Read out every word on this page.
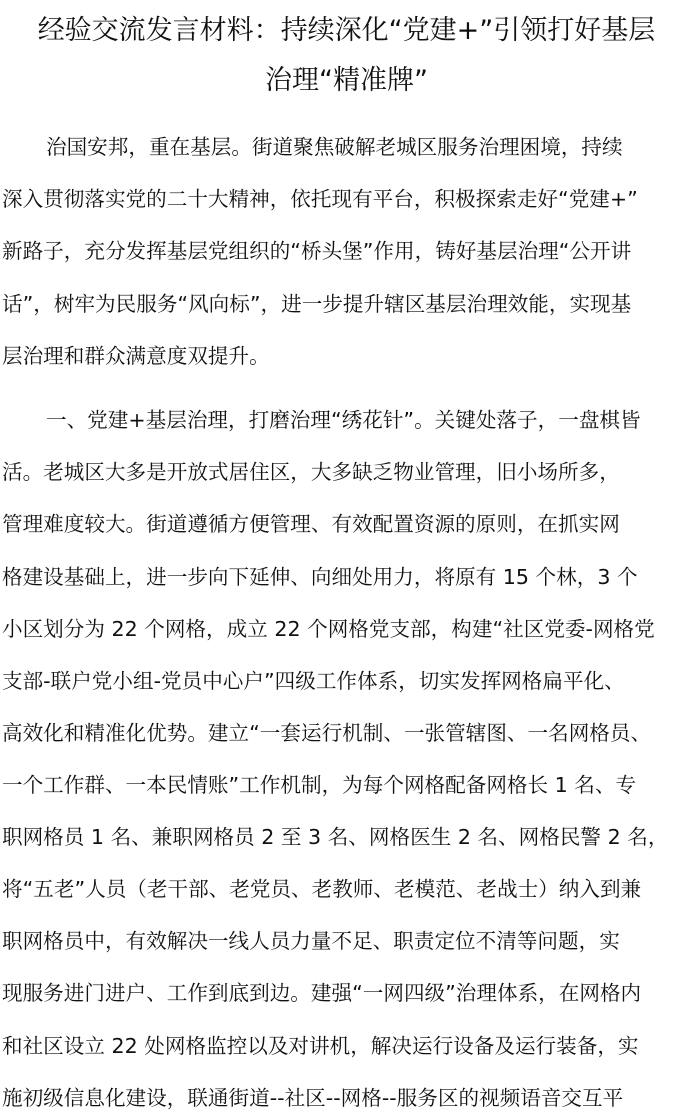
经验交流发言材料：持续深化“党建+”引领打好基层
治理“精准牌”

治国安邦，重在基层。街道聚焦破解老城区服务治理困境，持续

深入贯彻落实党的二十大精神，依托现有平台，积极探索走好“党建+”

新路子，充分发挥基层党组织的“桥头堡”作用，铸好基层治理“公开讲

话”，树牢为民服务“风向标”，进一步提升辖区基层治理效能，实现基

层治理和群众满意度双提升。

一、党建+基层治理，打磨治理“绣花针”。关键处落子，一盘棋皆

活。老城区大多是开放式居住区，大多缺乏物业管理，旧小场所多，

管理难度较大。街道遵循方便管理、有效配置资源的原则，在抓实网

格建设基础上，进一步向下延伸、向细处用力，将原有 15 个林，3 个

小区划分为 22 个网格，成立 22 个网格党支部，构建“社区党委-网格党

支部-联户党小组-党员中心户”四级工作体系，切实发挥网格扁平化、

高效化和精准化优势。建立“一套运行机制、一张管辖图、一名网格员、

一个工作群、一本民情账”工作机制，为每个网格配备网格长 1 名、专

职网格员 1 名、兼职网格员 2 至 3 名、网格医生 2 名、网格民警 2 名，

将“五老”人员（老干部、老党员、老教师、老模范、老战士）纳入到兼

职网格员中，有效解决一线人员力量不足、职责定位不清等问题，实

现服务进门进户、工作到底到边。建强“一网四级”治理体系，在网格内

和社区设立 22 处网格监控以及对讲机，解决运行设备及运行装备，实

施初级信息化建设，联通街道--社区--网格--服务区的视频语音交互平
